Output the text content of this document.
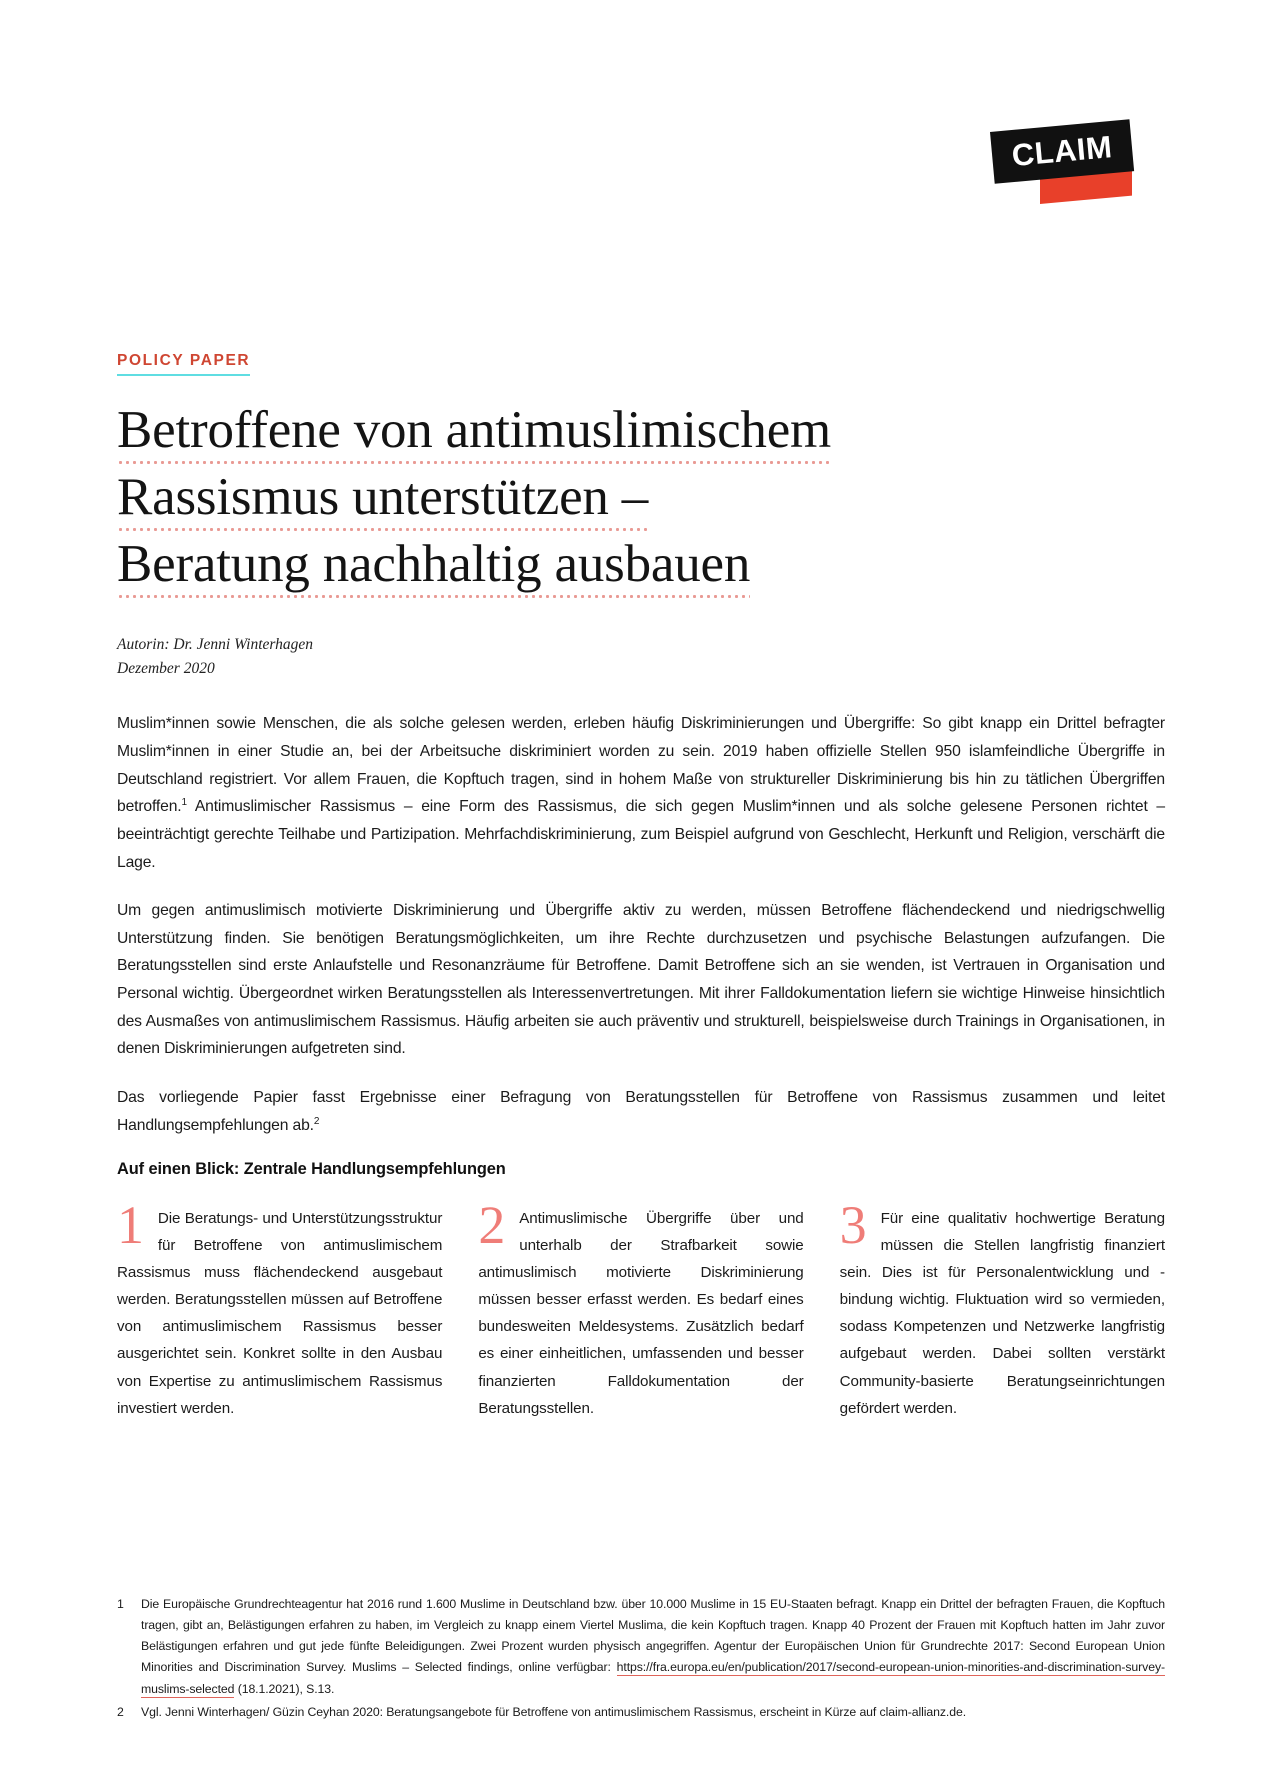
CLAIM
POLICY PAPER
Betroffene von antimuslimischem
Rassismus unterstützen –
Beratung nachhaltig ausbauen
Autorin: Dr. Jenni Winterhagen
Dezember 2020

Muslim*innen sowie Menschen, die als solche gelesen werden, erleben häufig Diskriminierungen und Übergriffe: So gibt knapp ein Drittel befragter Muslim*innen in einer Studie an, bei der Arbeitsuche diskriminiert worden zu sein. 2019 haben offizielle Stellen 950 islamfeindliche Übergriffe in Deutschland registriert. Vor allem Frauen, die Kopftuch tragen, sind in hohem Maße von struktureller Diskriminierung bis hin zu tätlichen Übergriffen betroffen.$^1$ Antimuslimischer Rassismus – eine Form des Rassismus, die sich gegen Muslim*innen und als solche gelesene Personen richtet – beeinträchtigt gerechte Teilhabe und Partizipation. Mehrfachdiskriminierung, zum Beispiel aufgrund von Geschlecht, Herkunft und Religion, verschärft die Lage.

Um gegen antimuslimisch motivierte Diskriminierung und Übergriffe aktiv zu werden, müssen Betroffene flächendeckend und niedrigschwellig Unterstützung finden. Sie benötigen Beratungsmöglichkeiten, um ihre Rechte durchzusetzen und psychische Belastungen aufzufangen. Die Beratungsstellen sind erste Anlaufstelle und Resonanzräume für Betroffene. Damit Betroffene sich an sie wenden, ist Vertrauen in Organisation und Personal wichtig. Übergeordnet wirken Beratungsstellen als Interessenvertretungen. Mit ihrer Falldokumentation liefern sie wichtige Hinweise hinsichtlich des Ausmaßes von antimuslimischem Rassismus. Häufig arbeiten sie auch präventiv und strukturell, beispielsweise durch Trainings in Organisationen, in denen Diskriminierungen aufgetreten sind.

Das vorliegende Papier fasst Ergebnisse einer Befragung von Beratungsstellen für Betroffene von Rassismus zusammen und leitet Handlungsempfehlungen ab.$^2$

Auf einen Blick: Zentrale Handlungsempfehlungen
1 Die Beratungs- und Unterstützungsstruktur für Betroffene von antimuslimischem Rassismus muss flächendeckend ausgebaut werden. Beratungsstellen müssen auf Betroffene von antimuslimischem Rassismus besser ausgerichtet sein. Konkret sollte in den Ausbau von Expertise zu antimuslimischem Rassismus investiert werden.
2 Antimuslimische Übergriffe über und unterhalb der Strafbarkeit sowie antimuslimisch motivierte Diskriminierung müssen besser erfasst werden. Es bedarf eines bundesweiten Meldesystems. Zusätzlich bedarf es einer einheitlichen, umfassenden und besser finanzierten Falldokumentation der Beratungsstellen.
3 Für eine qualitativ hochwertige Beratung müssen die Stellen langfristig finanziert sein. Dies ist für Personalentwicklung und -bindung wichtig. Fluktuation wird so vermieden, sodass Kompetenzen und Netzwerke langfristig aufgebaut werden. Dabei sollten verstärkt Community-basierte Beratungseinrichtungen gefördert werden.
1	Die Europäische Grundrechteagentur hat 2016 rund 1.600 Muslime in Deutschland bzw. über 10.000 Muslime in 15 EU-Staaten befragt. Knapp ein Drittel der befragten Frauen, die Kopftuch tragen, gibt an, Belästigungen erfahren zu haben, im Vergleich zu knapp einem Viertel Muslima, die kein Kopftuch tragen. Knapp 40 Prozent der Frauen mit Kopftuch hatten im Jahr zuvor Belästigungen erfahren und gut jede fünfte Beleidigungen. Zwei Prozent wurden physisch angegriffen. Agentur der Europäischen Union für Grundrechte 2017: Second European Union Minorities and Discrimination Survey. Muslims – Selected findings, online verfügbar: https://fra.europa.eu/en/publication/2017/second-european-union-minorities-and-discrimination-survey-muslims-selected (18.1.2021), S.13.
2	Vgl. Jenni Winterhagen/ Güzin Ceyhan 2020: Beratungsangebote für Betroffene von antimuslimischem Rassismus, erscheint in Kürze auf claim-allianz.de.
